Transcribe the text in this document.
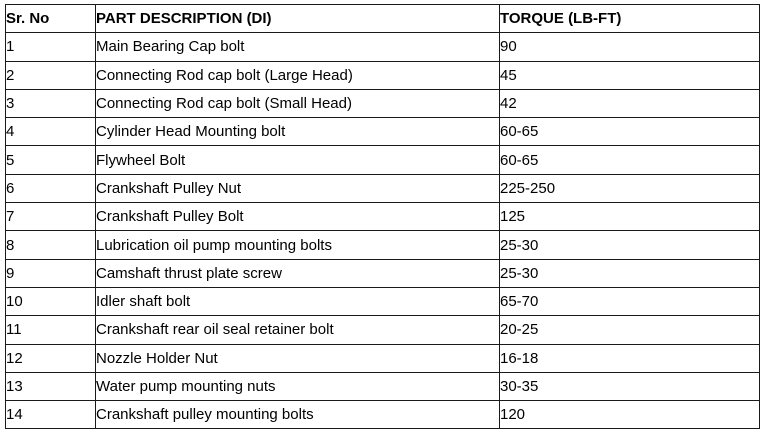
Sr. No	PART DESCRIPTION (DI)	TORQUE (LB-FT)
1	Main Bearing Cap bolt	90
2	Connecting Rod cap bolt (Large Head)	45
3	Connecting Rod cap bolt (Small Head)	42
4	Cylinder Head Mounting bolt	60-65
5	Flywheel Bolt	60-65
6	Crankshaft Pulley Nut	225-250
7	Crankshaft Pulley Bolt	125
8	Lubrication oil pump mounting bolts	25-30
9	Camshaft thrust plate screw	25-30
10	Idler shaft bolt	65-70
11	Crankshaft rear oil seal retainer bolt	20-25
12	Nozzle Holder Nut	16-18
13	Water pump mounting nuts	30-35
14	Crankshaft pulley mounting bolts	120
